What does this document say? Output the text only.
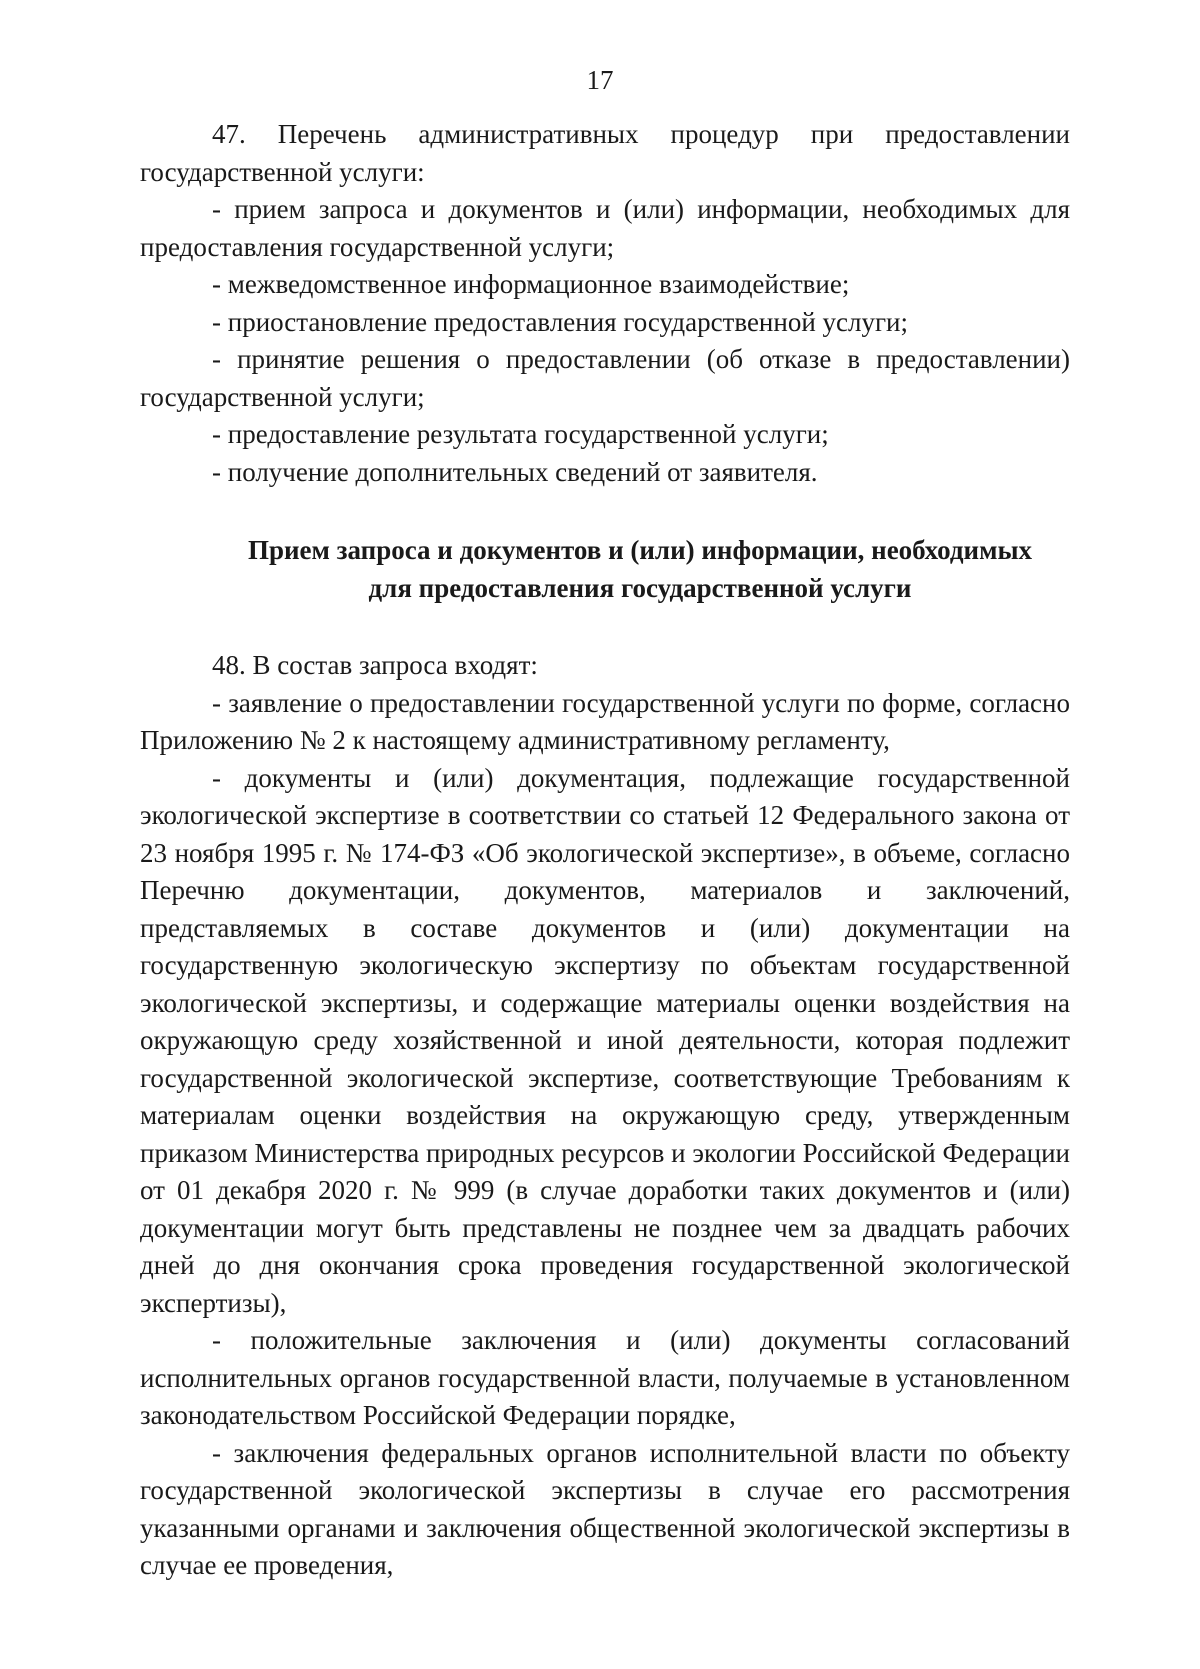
17

47. Перечень административных процедур при предоставлении государственной услуги:

- прием запроса и документов и (или) информации, необходимых для предоставления государственной услуги;

- межведомственное информационное взаимодействие;

- приостановление предоставления государственной услуги;

- принятие решения о предоставлении (об отказе в предоставлении) государственной услуги;

- предоставление результата государственной услуги;

- получение дополнительных сведений от заявителя.

Прием запроса и документов и (или) информации, необходимых
для предоставления государственной услуги

48. В состав запроса входят:

- заявление о предоставлении государственной услуги по форме, согласно Приложению № 2 к настоящему административному регламенту,

- документы и (или) документация, подлежащие государственной экологической экспертизе в соответствии со статьей 12 Федерального закона от 23 ноября 1995 г. № 174-ФЗ «Об экологической экспертизе», в объеме, согласно Перечню документации, документов, материалов и заключений, представляемых в составе документов и (или) документации на государственную экологическую экспертизу по объектам государственной экологической экспертизы, и содержащие материалы оценки воздействия на окружающую среду хозяйственной и иной деятельности, которая подлежит государственной экологической экспертизе, соответствующие Требованиям к материалам оценки воздействия на окружающую среду, утвержденным приказом Министерства природных ресурсов и экологии Российской Федерации от 01 декабря 2020 г. № 999 (в случае доработки таких документов и (или) документации могут быть представлены не позднее чем за двадцать рабочих дней до дня окончания срока проведения государственной экологической экспертизы),

- положительные заключения и (или) документы согласований исполнительных органов государственной власти, получаемые в установленном законодательством Российской Федерации порядке,

- заключения федеральных органов исполнительной власти по объекту государственной экологической экспертизы в случае его рассмотрения указанными органами и заключения общественной экологической экспертизы в случае ее проведения,
